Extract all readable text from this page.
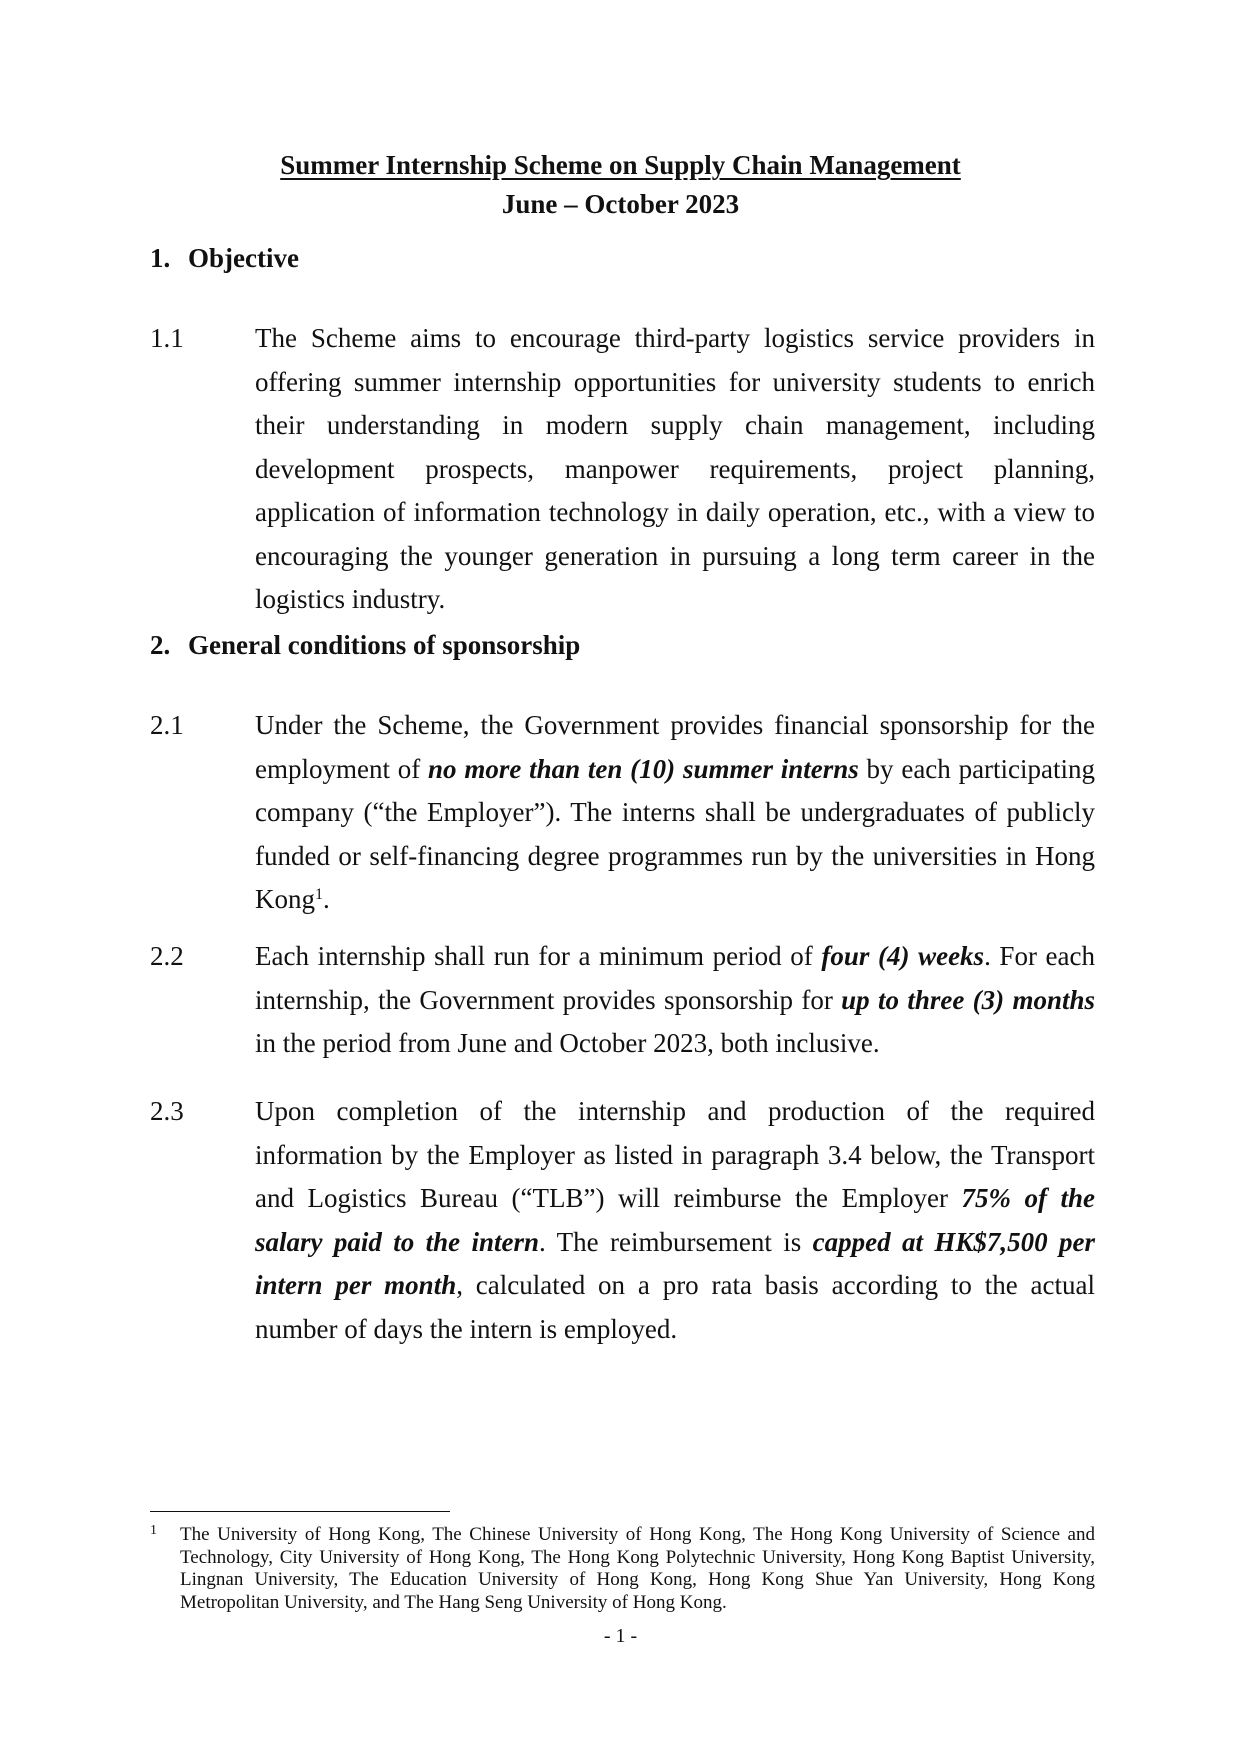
Summer Internship Scheme on Supply Chain Management
June – October 2023
1. Objective
1.1	The Scheme aims to encourage third-party logistics service providers in offering summer internship opportunities for university students to enrich their understanding in modern supply chain management, including development prospects, manpower requirements, project planning, application of information technology in daily operation, etc., with a view to encouraging the younger generation in pursuing a long term career in the logistics industry.
2. General conditions of sponsorship
2.1	Under the Scheme, the Government provides financial sponsorship for the employment of no more than ten (10) summer interns by each participating company (“the Employer”). The interns shall be undergraduates of publicly funded or self-financing degree programmes run by the universities in Hong Kong$^1$.
2.2	Each internship shall run for a minimum period of four (4) weeks. For each internship, the Government provides sponsorship for up to three (3) months in the period from June and October 2023, both inclusive.
2.3	Upon completion of the internship and production of the required information by the Employer as listed in paragraph 3.4 below, the Transport and Logistics Bureau (“TLB”) will reimburse the Employer 75% of the salary paid to the intern. The reimbursement is capped at HK$7,500 per intern per month, calculated on a pro rata basis according to the actual number of days the intern is employed.
1 The University of Hong Kong, The Chinese University of Hong Kong, The Hong Kong University of Science and Technology, City University of Hong Kong, The Hong Kong Polytechnic University, Hong Kong Baptist University, Lingnan University, The Education University of Hong Kong, Hong Kong Shue Yan University, Hong Kong Metropolitan University, and The Hang Seng University of Hong Kong.
- 1 -
